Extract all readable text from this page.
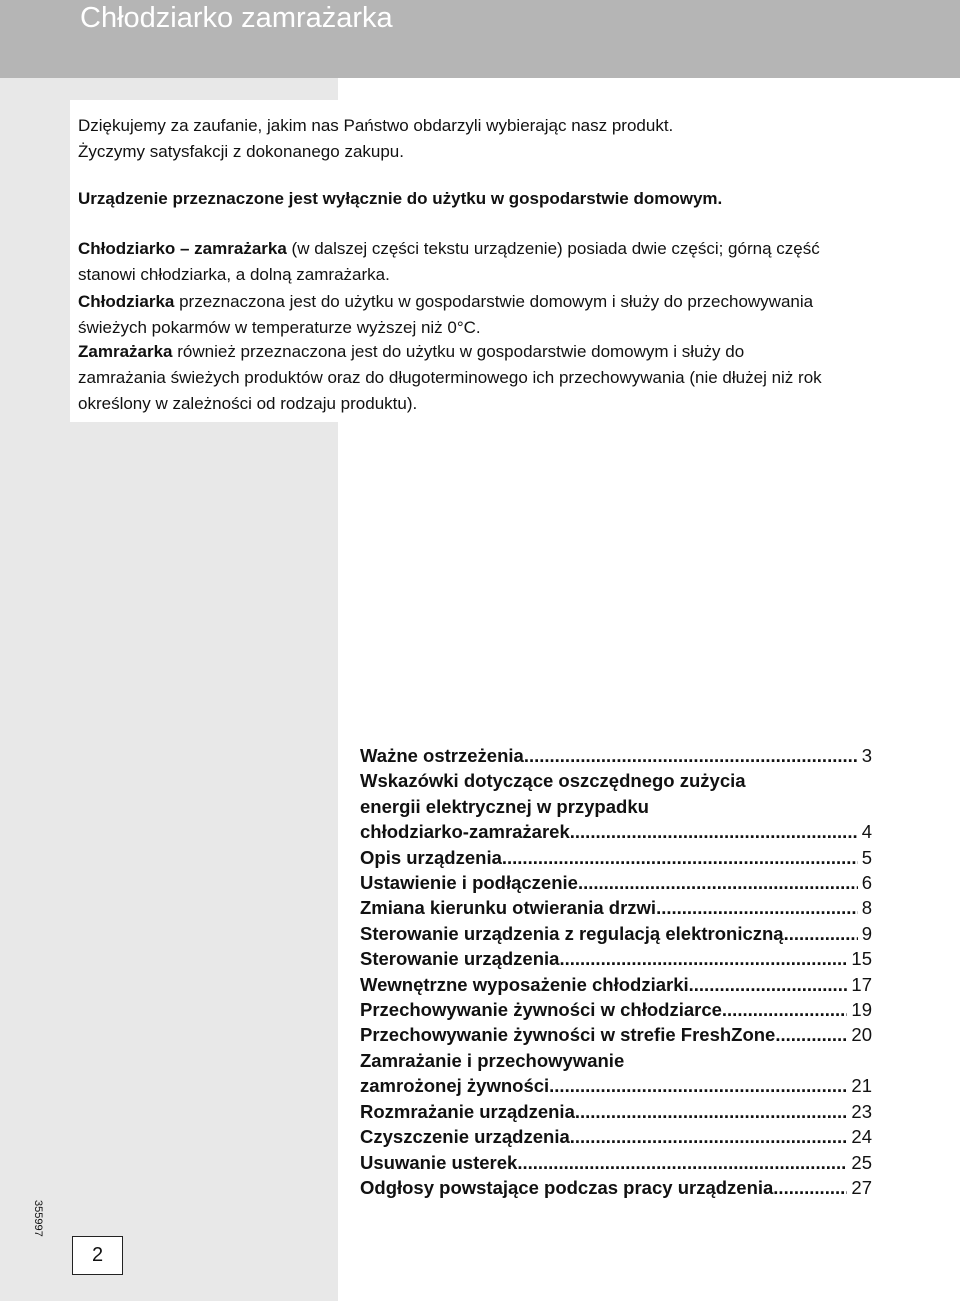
Chłodziarko zamrażarka

Dziękujemy za zaufanie, jakim nas Państwo obdarzyli wybierając nasz produkt.
Życzymy satysfakcji z dokonanego zakupu.

Urządzenie przeznaczone jest wyłącznie do użytku w gospodarstwie domowym.

Chłodziarko – zamrażarka (w dalszej części tekstu urządzenie) posiada dwie części; górną część
stanowi chłodziarka, a dolną zamrażarka.

Chłodziarka przeznaczona jest do użytku w gospodarstwie domowym i służy do przechowywania
świeżych pokarmów w temperaturze wyższej niż 0°C.

Zamrażarka również przeznaczona jest do użytku w gospodarstwie domowym i służy do
zamrażania świeżych produktów oraz do długoterminowego ich przechowywania (nie dłużej niż rok
określony w zależności od rodzaju produktu).

Ważne ostrzeżenia .....	3
Wskazówki dotyczące oszczędnego zużycia
energii elektrycznej w przypadku
chłodziarko-zamrażarek .....	4
Opis urządzenia .....	5
Ustawienie i podłączenie .....	6
Zmiana kierunku otwierania drzwi .....	8
Sterowanie urządzenia z regulacją elektroniczną .....	9
Sterowanie urządzenia .....	15
Wewnętrzne wyposażenie chłodziarki .....	17
Przechowywanie żywności w chłodziarce .....	19
Przechowywanie żywności w strefie FreshZone .....	20
Zamrażanie i przechowywanie
zamrożonej żywności .....	21
Rozmrażanie urządzenia .....	23
Czyszczenie urządzenia .....	24
Usuwanie usterek .....	25
Odgłosy powstające podczas pracy urządzenia .....	27
355997
2
